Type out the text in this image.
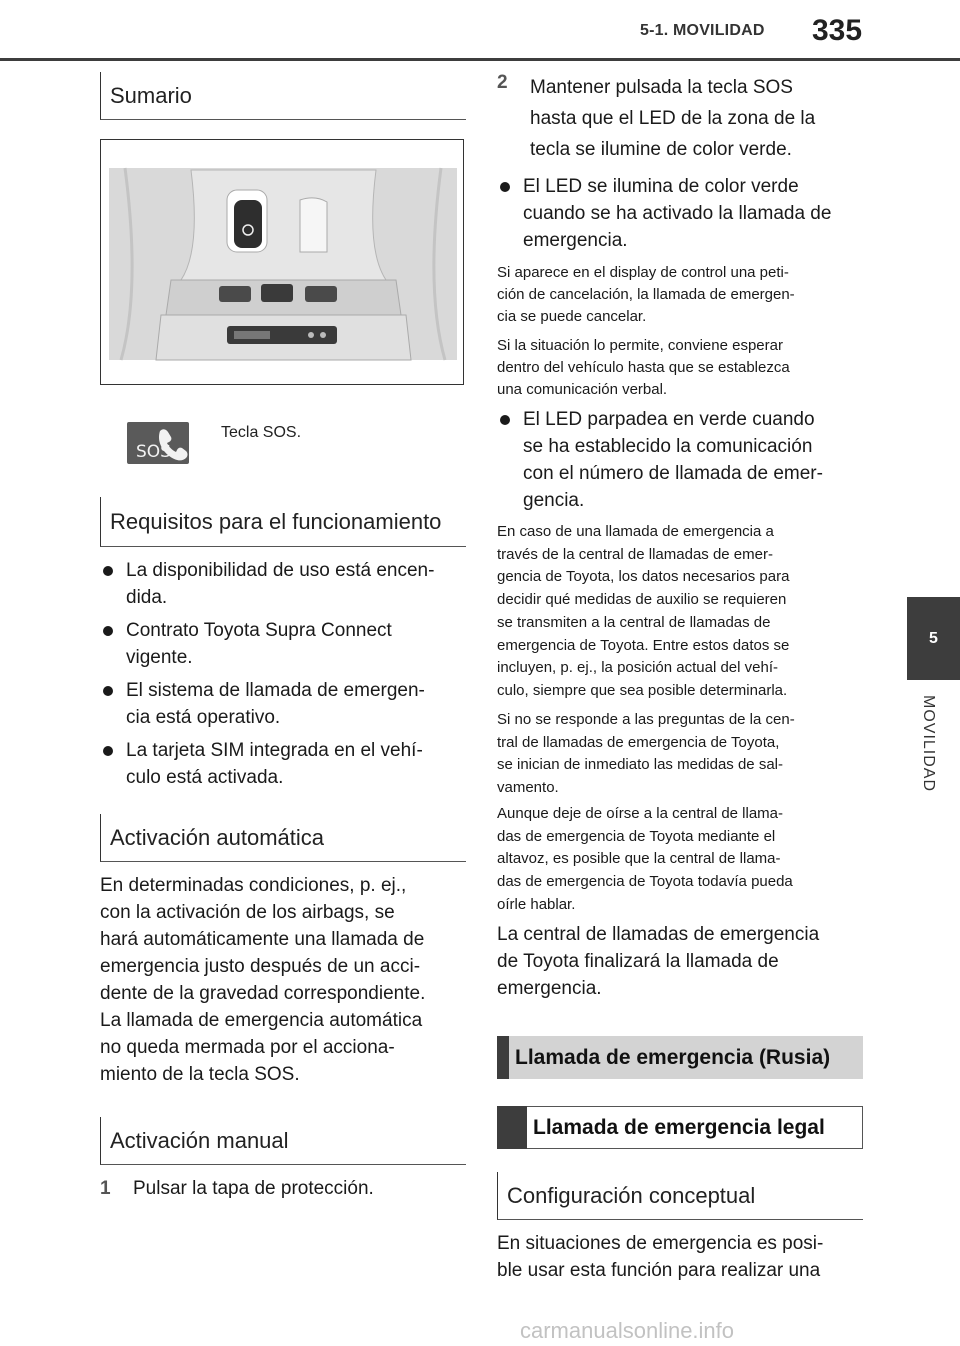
5-1. MOVILIDAD 335
5
MOVILIDAD
Sumario
SOS
Tecla SOS.
Requisitos para el funcionamiento
La disponibilidad de uso está encen-
dida.
Contrato Toyota Supra Connect
vigente.
El sistema de llamada de emergen-
cia está operativo.
La tarjeta SIM integrada en el vehí-
culo está activada.
Activación automática
En determinadas condiciones, p. ej.,
con la activación de los airbags, se
hará automáticamente una llamada de
emergencia justo después de un acci-
dente de la gravedad correspondiente.
La llamada de emergencia automática
no queda mermada por el acciona-
miento de la tecla SOS.
Activación manual
1 Pulsar la tapa de protección.
2 Mantener pulsada la tecla SOS
hasta que el LED de la zona de la
tecla se ilumine de color verde.
El LED se ilumina de color verde
cuando se ha activado la llamada de
emergencia.
Si aparece en el display de control una peti-
ción de cancelación, la llamada de emergen-
cia se puede cancelar.
Si la situación lo permite, conviene esperar
dentro del vehículo hasta que se establezca
una comunicación verbal.
El LED parpadea en verde cuando
se ha establecido la comunicación
con el número de llamada de emer-
gencia.
En caso de una llamada de emergencia a
través de la central de llamadas de emer-
gencia de Toyota, los datos necesarios para
decidir qué medidas de auxilio se requieren
se transmiten a la central de llamadas de
emergencia de Toyota. Entre estos datos se
incluyen, p. ej., la posición actual del vehí-
culo, siempre que sea posible determinarla.
Si no se responde a las preguntas de la cen-
tral de llamadas de emergencia de Toyota,
se inician de inmediato las medidas de sal-
vamento.
Aunque deje de oírse a la central de llama-
das de emergencia de Toyota mediante el
altavoz, es posible que la central de llama-
das de emergencia de Toyota todavía pueda
oírle hablar.
La central de llamadas de emergencia
de Toyota finalizará la llamada de
emergencia.
Llamada de emergencia (Rusia)
Llamada de emergencia legal
Configuración conceptual
En situaciones de emergencia es posi-
ble usar esta función para realizar una
carmanualsonline.info
